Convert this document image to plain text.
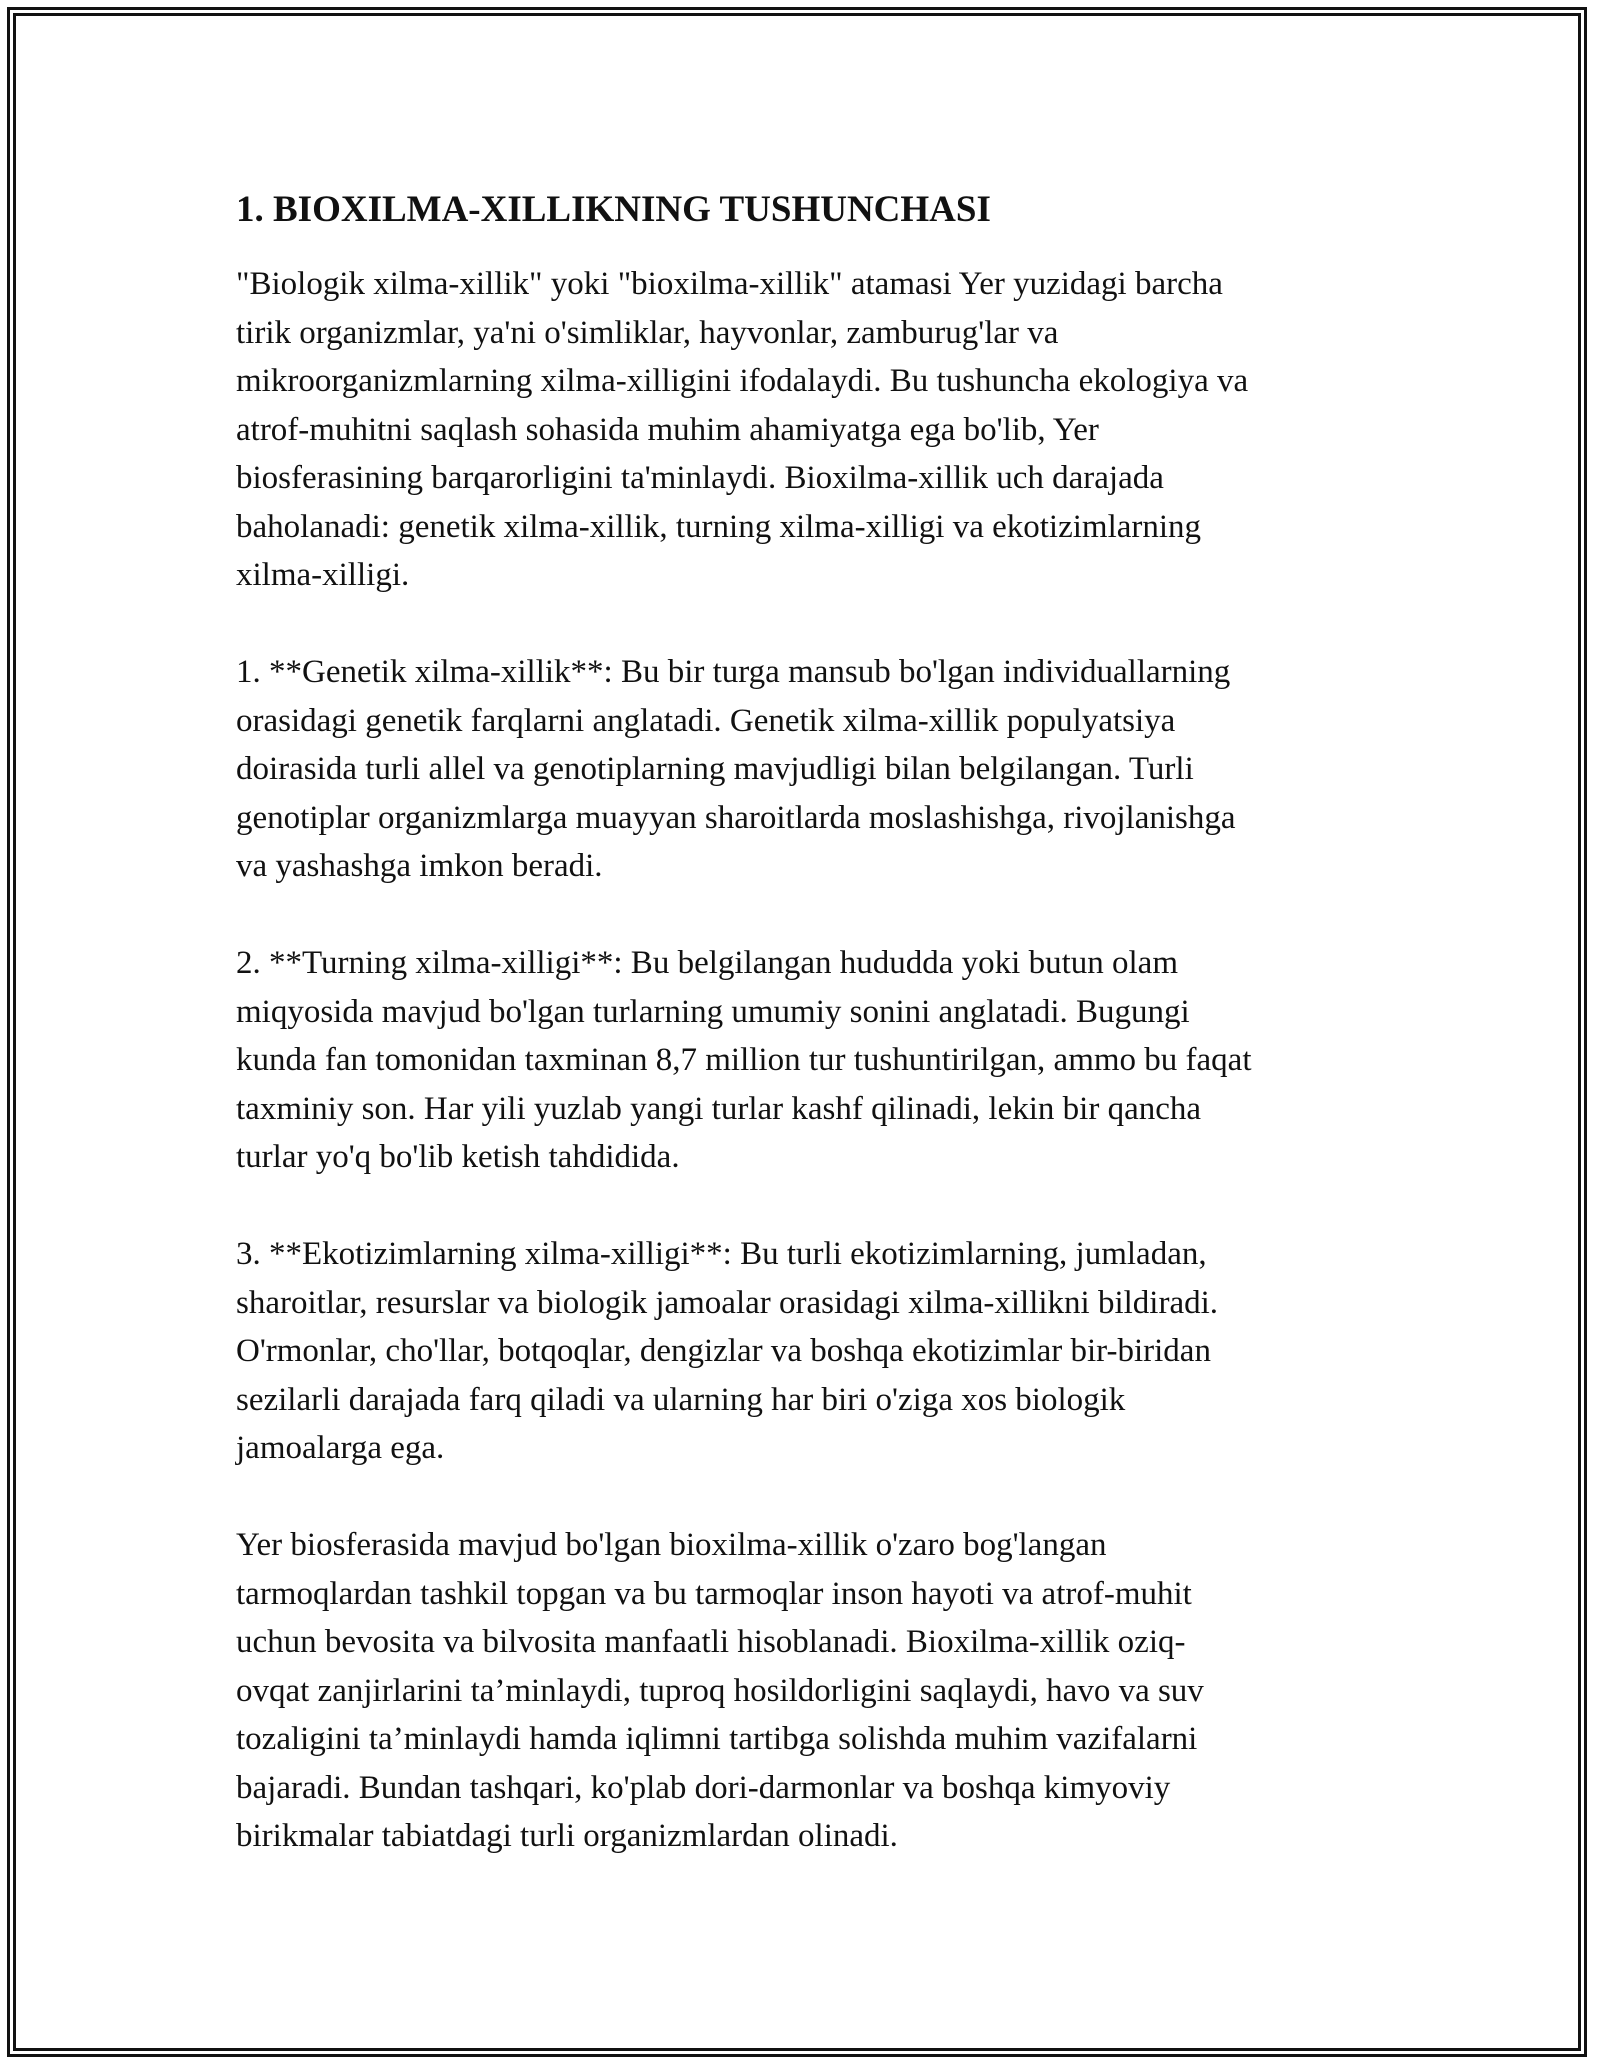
1. BIOXILMA-XILLIKNING TUSHUNCHASI

"Biologik xilma-xillik" yoki "bioxilma-xillik" atamasi Yer yuzidagi barcha
tirik organizmlar, ya'ni o'simliklar, hayvonlar, zamburug'lar va
mikroorganizmlarning xilma-xilligini ifodalaydi. Bu tushuncha ekologiya va
atrof-muhitni saqlash sohasida muhim ahamiyatga ega bo'lib, Yer
biosferasining barqarorligini ta'minlaydi. Bioxilma-xillik uch darajada
baholanadi: genetik xilma-xillik, turning xilma-xilligi va ekotizimlarning
xilma-xilligi.

1. **Genetik xilma-xillik**: Bu bir turga mansub bo'lgan individuallarning
orasidagi genetik farqlarni anglatadi. Genetik xilma-xillik populyatsiya
doirasida turli allel va genotiplarning mavjudligi bilan belgilangan. Turli
genotiplar organizmlarga muayyan sharoitlarda moslashishga, rivojlanishga
va yashashga imkon beradi.

2. **Turning xilma-xilligi**: Bu belgilangan hududda yoki butun olam
miqyosida mavjud bo'lgan turlarning umumiy sonini anglatadi. Bugungi
kunda fan tomonidan taxminan 8,7 million tur tushuntirilgan, ammo bu faqat
taxminiy son. Har yili yuzlab yangi turlar kashf qilinadi, lekin bir qancha
turlar yo'q bo'lib ketish tahdidida.

3. **Ekotizimlarning xilma-xilligi**: Bu turli ekotizimlarning, jumladan,
sharoitlar, resurslar va biologik jamoalar orasidagi xilma-xillikni bildiradi.
O'rmonlar, cho'llar, botqoqlar, dengizlar va boshqa ekotizimlar bir-biridan
sezilarli darajada farq qiladi va ularning har biri o'ziga xos biologik
jamoalarga ega.

Yer biosferasida mavjud bo'lgan bioxilma-xillik o'zaro bog'langan
tarmoqlardan tashkil topgan va bu tarmoqlar inson hayoti va atrof-muhit
uchun bevosita va bilvosita manfaatli hisoblanadi. Bioxilma-xillik oziq-
ovqat zanjirlarini ta’minlaydi, tuproq hosildorligini saqlaydi, havo va suv
tozaligini ta’minlaydi hamda iqlimni tartibga solishda muhim vazifalarni
bajaradi. Bundan tashqari, ko'plab dori-darmonlar va boshqa kimyoviy
birikmalar tabiatdagi turli organizmlardan olinadi.
